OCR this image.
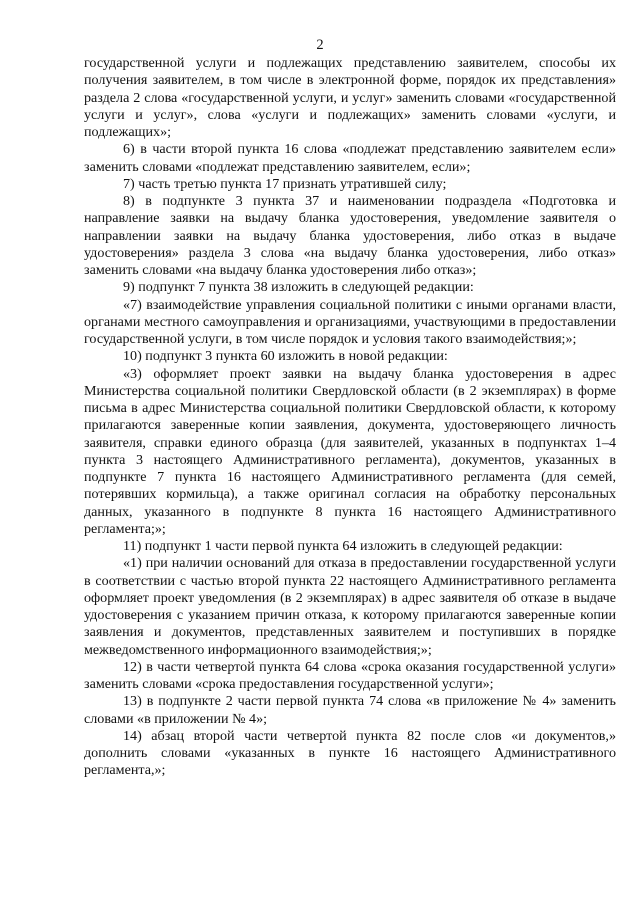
2

государственной услуги и подлежащих представлению заявителем, способы их получения заявителем, в том числе в электронной форме, порядок их представления» раздела 2 слова «государственной услуги, и услуг» заменить словами «государственной услуги и услуг», слова «услуги и подлежащих» заменить словами «услуги, и подлежащих»;

6) в части второй пункта 16 слова «подлежат представлению заявителем если» заменить словами «подлежат представлению заявителем, если»;

7) часть третью пункта 17 признать утратившей силу;

8) в подпункте 3 пункта 37 и наименовании подраздела «Подготовка и направление заявки на выдачу бланка удостоверения, уведомление заявителя о направлении заявки на выдачу бланка удостоверения, либо отказ в выдаче удостоверения» раздела 3 слова «на выдачу бланка удостоверения, либо отказ» заменить словами «на выдачу бланка удостоверения либо отказ»;

9) подпункт 7 пункта 38 изложить в следующей редакции:

«7) взаимодействие управления социальной политики с иными органами власти, органами местного самоуправления и организациями, участвующими в предоставлении государственной услуги, в том числе порядок и условия такого взаимодействия;»;

10) подпункт 3 пункта 60 изложить в новой редакции:

«3) оформляет проект заявки на выдачу бланка удостоверения в адрес Министерства социальной политики Свердловской области (в 2 экземплярах) в форме письма в адрес Министерства социальной политики Свердловской области, к которому прилагаются заверенные копии заявления, документа, удостоверяющего личность заявителя, справки единого образца (для заявителей, указанных в подпунктах 1–4 пункта 3 настоящего Административного регламента), документов, указанных в подпункте 7 пункта 16 настоящего Административного регламента (для семей, потерявших кормильца), а также оригинал согласия на обработку персональных данных, указанного в подпункте 8 пункта 16 настоящего Административного регламента;»;

11) подпункт 1 части первой пункта 64 изложить в следующей редакции:

«1) при наличии оснований для отказа в предоставлении государственной услуги в соответствии с частью второй пункта 22 настоящего Административного регламента оформляет проект уведомления (в 2 экземплярах) в адрес заявителя об отказе в выдаче удостоверения с указанием причин отказа, к которому прилагаются заверенные копии заявления и документов, представленных заявителем и поступивших в порядке межведомственного информационного взаимодействия;»;

12) в части четвертой пункта 64 слова «срока оказания государственной услуги» заменить словами «срока предоставления государственной услуги»;

13) в подпункте 2 части первой пункта 74 слова «в приложение № 4» заменить словами «в приложении № 4»;

14) абзац второй части четвертой пункта 82 после слов «и документов,» дополнить словами «указанных в пункте 16 настоящего Административного регламента,»;
